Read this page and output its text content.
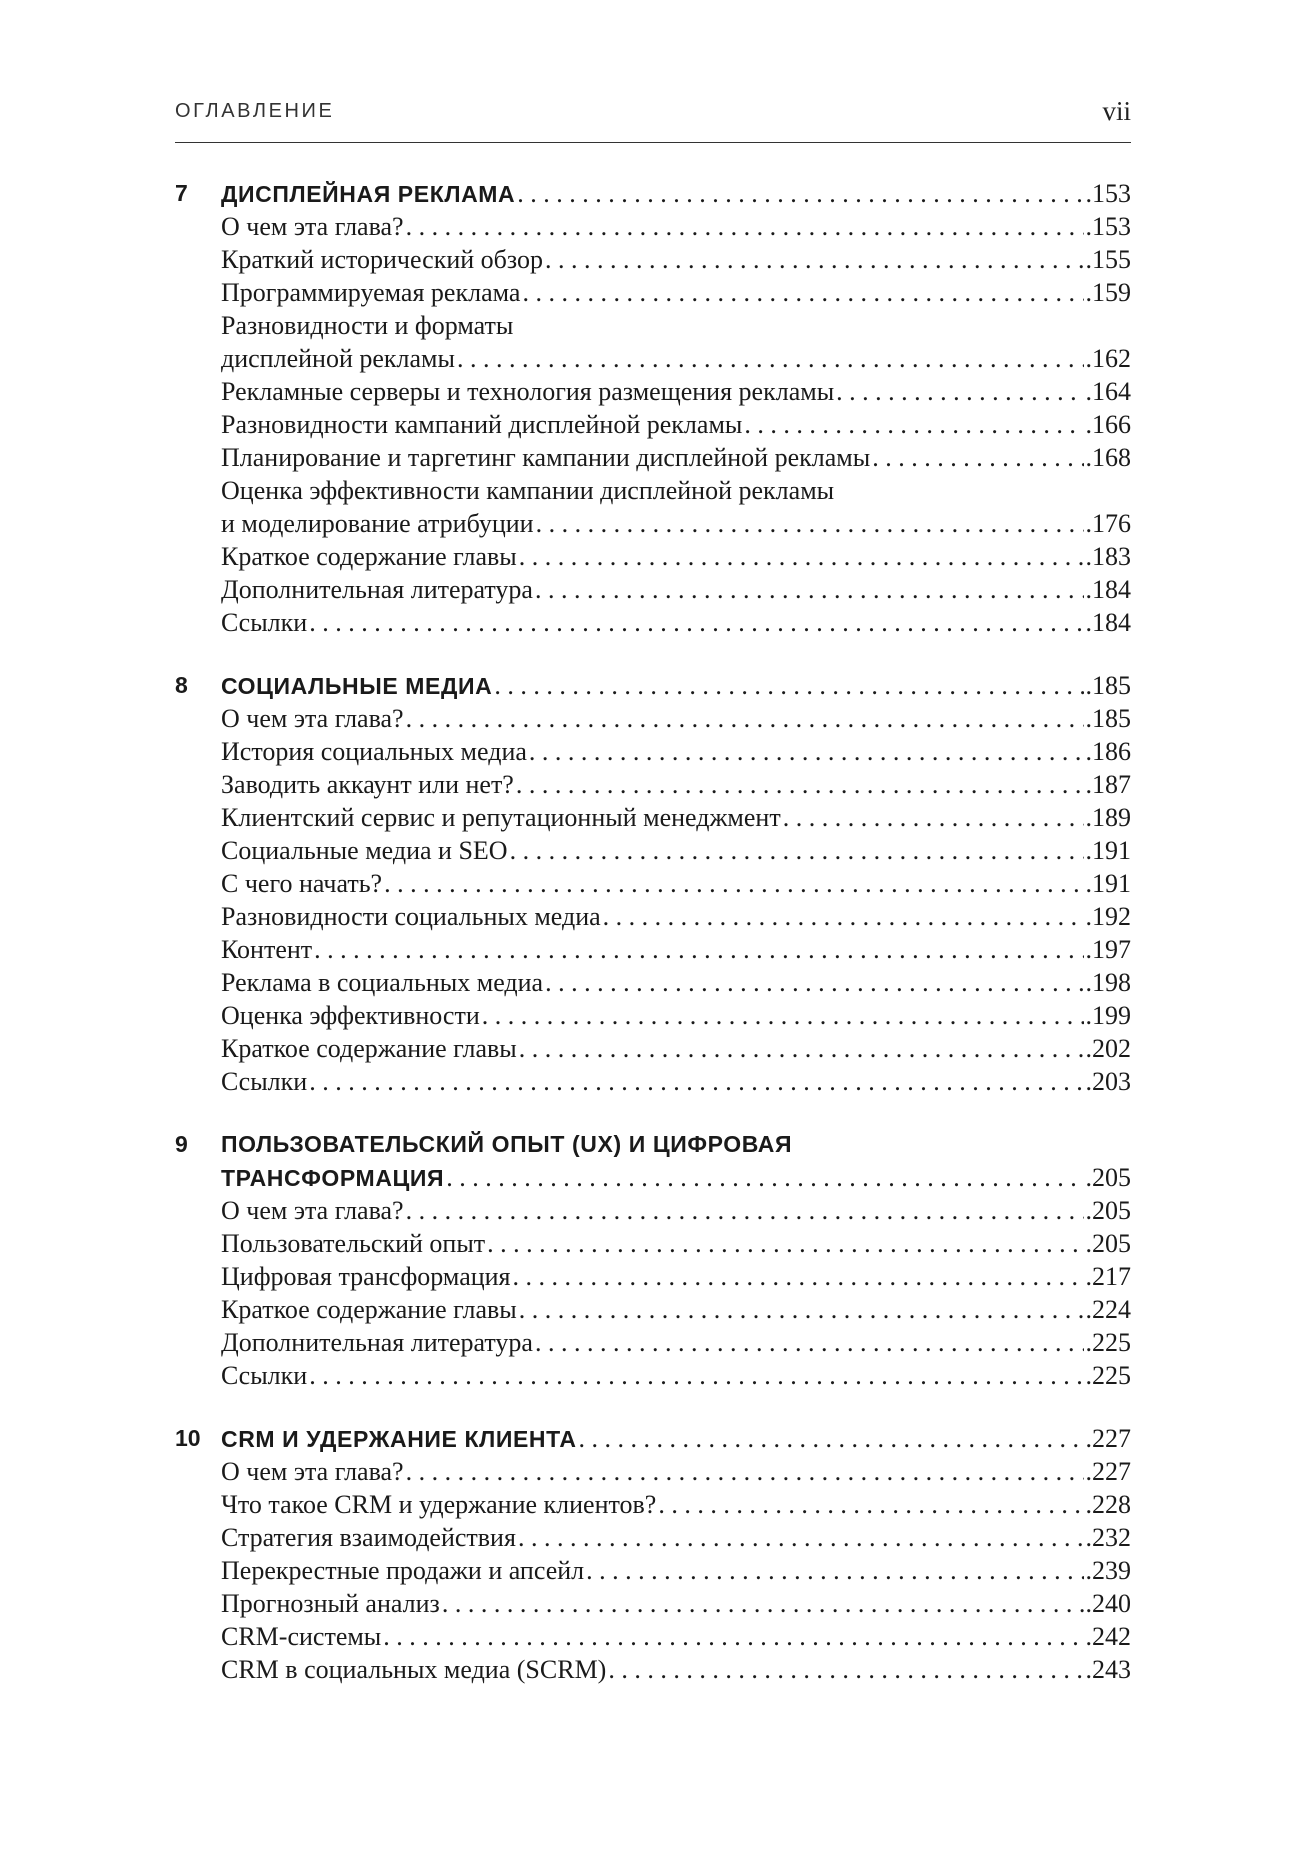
ОГЛАВЛЕНИЕ	vii
7	ДИСПЛЕЙНАЯ РЕКЛАМА . . .	.153
О чем эта глава? . . .	.153
Краткий исторический обзор . . .	.155
Программируемая реклама . . .	.159
Разновидности и форматы
дисплейной рекламы . . .	.162
Рекламные серверы и технология размещения рекламы . . .	.164
Разновидности кампаний дисплейной рекламы . . .	.166
Планирование и таргетинг кампании дисплейной рекламы . . .	.168
Оценка эффективности кампании дисплейной рекламы
и моделирование атрибуции . . .	.176
Краткое содержание главы . . .	.183
Дополнительная литература . . .	.184
Ссылки . . .	.184
8	СОЦИАЛЬНЫЕ МЕДИА . . .	.185
О чем эта глава? . . .	.185
История социальных медиа . . .	.186
Заводить аккаунт или нет? . . .	.187
Клиентский сервис и репутационный менеджмент . . .	.189
Социальные медиа и SEO . . .	.191
С чего начать? . . .	.191
Разновидности социальных медиа . . .	.192
Контент . . .	.197
Реклама в социальных медиа . . .	.198
Оценка эффективности . . .	.199
Краткое содержание главы . . .	.202
Ссылки . . .	.203
9	ПОЛЬЗОВАТЕЛЬСКИЙ ОПЫТ (UX) И ЦИФРОВАЯ
ТРАНСФОРМАЦИЯ . . .	.205
О чем эта глава? . . .	.205
Пользовательский опыт . . .	.205
Цифровая трансформация . . .	.217
Краткое содержание главы . . .	.224
Дополнительная литература . . .	.225
Ссылки . . .	.225
10 CRM И УДЕРЖАНИЕ КЛИЕНТА . . .	.227
О чем эта глава? . . .	.227
Что такое CRM и удержание клиентов? . . .	.228
Стратегия взаимодействия . . .	.232
Перекрестные продажи и апсейл . . .	.239
Прогнозный анализ . . .	.240
CRM-системы . . .	.242
CRM в социальных медиа (SCRM) . . .	.243
